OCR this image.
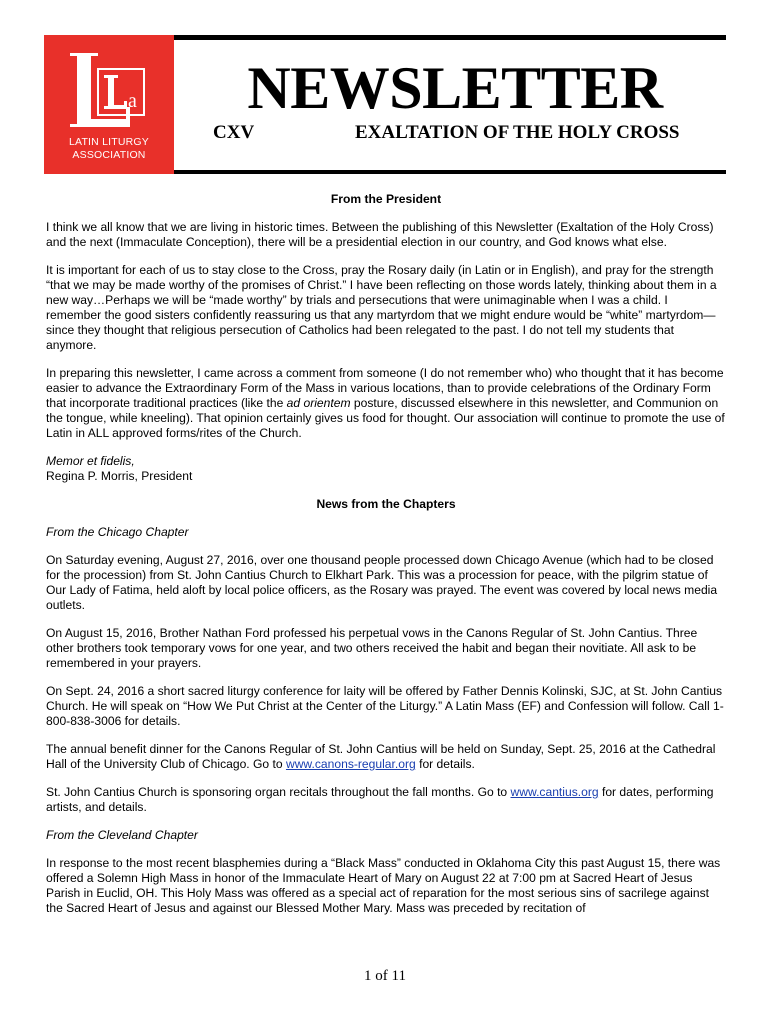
a
LATIN LITURGY
ASSOCIATION
NEWSLETTER
CXV	EXALTATION OF THE HOLY CROSS

From the President

I think we all know that we are living in historic times. Between the publishing of this Newsletter (Exaltation of the Holy Cross) and the next (Immaculate Conception), there will be a presidential election in our country, and God knows what else.

It is important for each of us to stay close to the Cross, pray the Rosary daily (in Latin or in English), and pray for the strength “that we may be made worthy of the promises of Christ.” I have been reflecting on those words lately, thinking about them in a new way…Perhaps we will be “made worthy” by trials and persecutions that were unimaginable when I was a child. I remember the good sisters confidently reassuring us that any martyrdom that we might endure would be “white” martyrdom—since they thought that religious persecution of Catholics had been relegated to the past. I do not tell my students that anymore.

In preparing this newsletter, I came across a comment from someone (I do not remember who) who thought that it has become easier to advance the Extraordinary Form of the Mass in various locations, than to provide celebrations of the Ordinary Form that incorporate traditional practices (like the ad orientem posture, discussed elsewhere in this newsletter, and Communion on the tongue, while kneeling). That opinion certainly gives us food for thought. Our association will continue to promote the use of Latin in ALL approved forms/rites of the Church.

Memor et fidelis,
Regina P. Morris, President

News from the Chapters

From the Chicago Chapter

On Saturday evening, August 27, 2016, over one thousand people processed down Chicago Avenue (which had to be closed for the procession) from St. John Cantius Church to Elkhart Park. This was a procession for peace, with the pilgrim statue of Our Lady of Fatima, held aloft by local police officers, as the Rosary was prayed. The event was covered by local news media outlets.

On August 15, 2016, Brother Nathan Ford professed his perpetual vows in the Canons Regular of St. John Cantius. Three other brothers took temporary vows for one year, and two others received the habit and began their novitiate. All ask to be remembered in your prayers.

On Sept. 24, 2016 a short sacred liturgy conference for laity will be offered by Father Dennis Kolinski, SJC, at St. John Cantius Church. He will speak on “How We Put Christ at the Center of the Liturgy.” A Latin Mass (EF) and Confession will follow. Call 1-800-838-3006 for details.

The annual benefit dinner for the Canons Regular of St. John Cantius will be held on Sunday, Sept. 25, 2016 at the Cathedral Hall of the University Club of Chicago. Go to www.canons-regular.org for details.

St. John Cantius Church is sponsoring organ recitals throughout the fall months. Go to www.cantius.org for dates, performing artists, and details.

From the Cleveland Chapter

In response to the most recent blasphemies during a “Black Mass” conducted in Oklahoma City this past August 15, there was offered a Solemn High Mass in honor of the Immaculate Heart of Mary on August 22 at 7:00 pm at Sacred Heart of Jesus Parish in Euclid, OH. This Holy Mass was offered as a special act of reparation for the most serious sins of sacrilege against the Sacred Heart of Jesus and against our Blessed Mother Mary. Mass was preceded by recitation of

1 of 11
